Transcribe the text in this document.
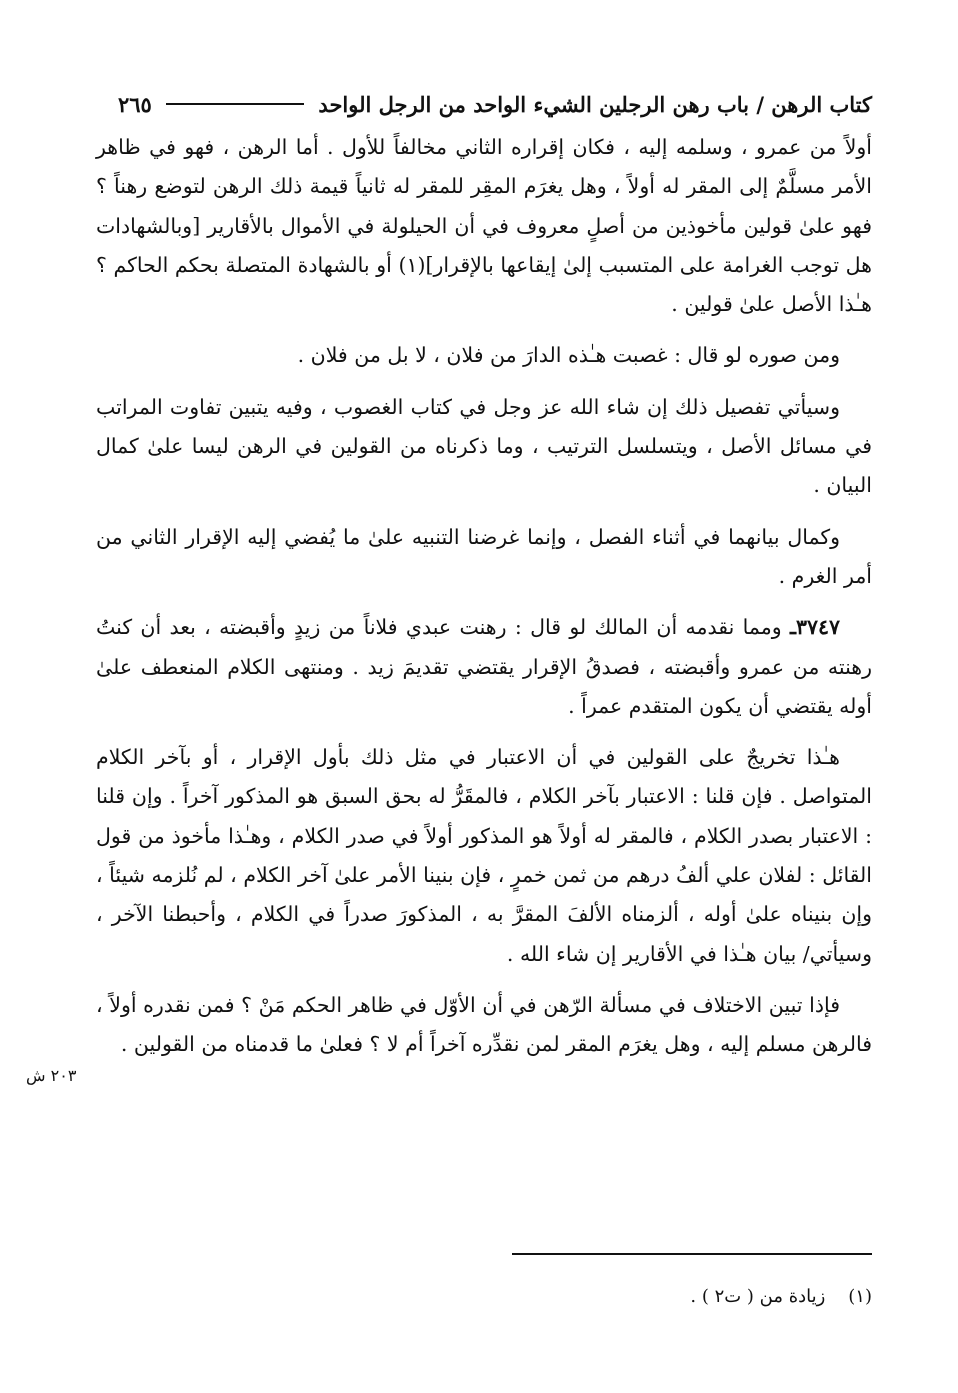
كتاب الرهن / باب رهن الرجلين الشيء الواحد من الرجل الواحد
٢٦٥

أولاً من عمرو ، وسلمه إليه ، فكان إقراره الثاني مخالفاً للأول . أما الرهن ، فهو في ظاهر الأمر مسلَّمٌ إلى المقر له أولاً ، وهل يغرَم المقِر للمقر له ثانياً قيمة ذلك الرهن لتوضع رهناً ؟ فهو علىٰ قولين مأخوذين من أصلٍ معروف في أن الحيلولة في الأموال بالأقارير [وبالشهادات هل توجب الغرامة على المتسبب إلىٰ إيقاعها بالإقرار](١) أو بالشهادة المتصلة بحكم الحاكم ؟ هـٰذا الأصل علىٰ قولين .

ومن صوره لو قال : غصبت هـٰذه الدارَ من فلان ، لا بل من فلان .

وسيأتي تفصيل ذلك إن شاء الله عز وجل في كتاب الغصوب ، وفيه يتبين تفاوت المراتب في مسائل الأصل ، ويتسلسل الترتيب ، وما ذكرناه من القولين في الرهن ليسا علىٰ كمال البيان .

وكمال بيانهما في أثناء الفصل ، وإنما غرضنا التنبيه علىٰ ما يُفضي إليه الإقرار الثاني من أمر الغرم .

٣٧٤٧ـ ومما نقدمه أن المالك لو قال : رهنت عبدي فلاناً من زيدٍ وأقبضته ، بعد أن كنتُ رهنته من عمرو وأقبضته ، فصدقُ الإقرار يقتضي تقديمَ زيد . ومنتهى الكلام المنعطف علىٰ أوله يقتضي أن يكون المتقدم عمراً .

هـٰذا تخريجٌ على القولين في أن الاعتبار في مثل ذلك بأول الإقرار ، أو بآخر الكلام المتواصل . فإن قلنا : الاعتبار بآخر الكلام ، فالمقَرُّ له بحق السبق هو المذكور آخراً . وإن قلنا : الاعتبار بصدر الكلام ، فالمقر له أولاً هو المذكور أولاً في صدر الكلام ، وهـٰذا مأخوذ من قول القائل : لفلان علي ألفُ درهم من ثمن خمرٍ ، فإن بنينا الأمر علىٰ آخر الكلام ، لم نُلزمه شيئاً ، وإن بنيناه علىٰ أوله ، ألزمناه الألفَ المقرَّ به ، المذكورَ صدراً في الكلام ، وأحبطنا الآخر ، وسيأتي/ بيان هـٰذا في الأقارير إن شاء الله .

فإذا تبين الاختلاف في مسألة الرّهن في أن الأوّل في ظاهر الحكم مَنْ ؟ فمن نقدره أولاً ، فالرهن مسلم إليه ، وهل يغرَم المقر لمن نقدِّره آخراً أم لا ؟ فعلىٰ ما قدمناه من القولين .

٢٠٣ ش
(١)    زيادة من ( ت٢ ) .
